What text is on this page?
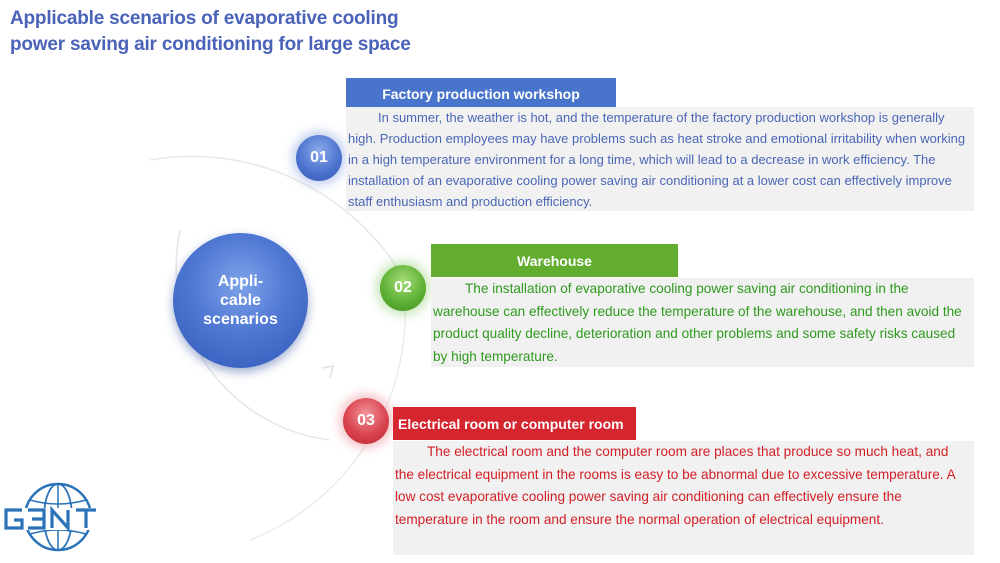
Applicable scenarios of evaporative cooling power saving air conditioning for large space
Appli-
cable
scenarios
01
Factory production workshop
In summer, the weather is hot, and the temperature of the factory production workshop is generally high. Production employees may have problems such as heat stroke and emotional irritability when working in a high temperature environment for a long time, which will lead to a decrease in work efficiency. The installation of an evaporative cooling power saving air conditioning at a lower cost can effectively improve staff enthusiasm and production efficiency.
02
Warehouse
The installation of evaporative cooling power saving air conditioning in the warehouse can effectively reduce the temperature of the warehouse, and then avoid the product quality decline, deterioration and other problems and some safety risks caused by high temperature.
03	Electrical room or computer room
The electrical room and the computer room are places that produce so much heat, and the electrical equipment in the rooms is easy to be abnormal due to excessive temperature. A low cost evaporative cooling power saving air conditioning can effectively ensure the temperature in the room and ensure the normal operation of electrical equipment.
